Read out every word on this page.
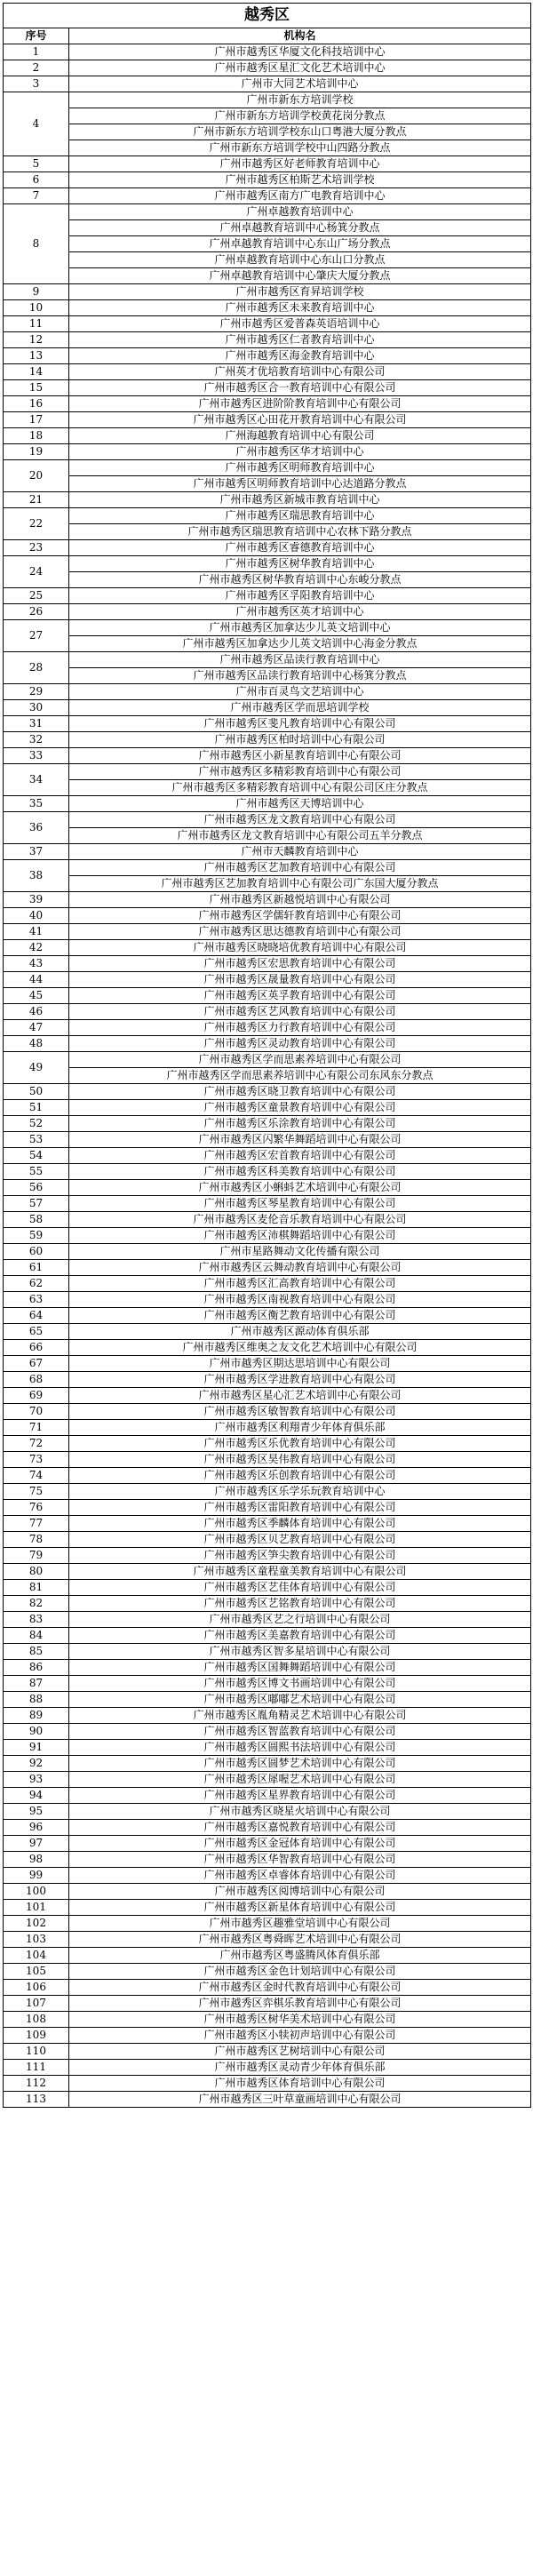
越秀区	
序号	机构名
1	广州市越秀区华厦文化科技培训中心
2	广州市越秀区星汇文化艺术培训中心
3	广州市大同艺术培训中心
4	广州市新东方培训学校
	广州市新东方培训学校黄花岗分教点
	广州市新东方培训学校东山口粤港大厦分教点
	广州市新东方培训学校中山四路分教点
5	广州市越秀区好老师教育培训中心
6	广州市越秀区柏斯艺术培训学校
7	广州市越秀区南方广电教育培训中心
8	广州卓越教育培训中心
	广州卓越教育培训中心杨箕分教点
	广州卓越教育培训中心东山广场分教点
	广州卓越教育培训中心东山口分教点
	广州卓越教育培训中心肇庆大厦分教点
9	广州市越秀区育昇培训学校
10	广州市越秀区未来教育培训中心
11	广州市越秀区爱普森英语培训中心
12	广州市越秀区仁者教育培训中心
13	广州市越秀区海金教育培训中心
14	广州英才优培教育培训中心有限公司
15	广州市越秀区合一教育培训中心有限公司
16	广州市越秀区进阶阶教育培训中心有限公司
17	广州市越秀区心田花开教育培训中心有限公司
18	广州海越教育培训中心有限公司
19	广州市越秀区华才培训中心
20	广州市越秀区明师教育培训中心
	广州市越秀区明师教育培训中心达道路分教点
21	广州市越秀区新城市教育培训中心
22	广州市越秀区瑞思教育培训中心
	广州市越秀区瑞思教育培训中心农林下路分教点
23	广州市越秀区睿德教育培训中心
24	广州市越秀区树华教育培训中心
	广州市越秀区树华教育培训中心东峻分教点
25	广州市越秀区孚阳教育培训中心
26	广州市越秀区英才培训中心
27	广州市越秀区加拿达少儿英文培训中心
	广州市越秀区加拿达少儿英文培训中心海金分教点
28	广州市越秀区品读行教育培训中心
	广州市越秀区品读行教育培训中心杨箕分教点
29	广州市百灵鸟文艺培训中心
30	广州市越秀区学而思培训学校
31	广州市越秀区斐凡教育培训中心有限公司
32	广州市越秀区柏时培训中心有限公司
33	广州市越秀区小新星教育培训中心有限公司
34	广州市越秀区多精彩教育培训中心有限公司
	广州市越秀区多精彩教育培训中心有限公司区庄分教点
35	广州市越秀区天博培训中心
36	广州市越秀区龙文教育培训中心有限公司
	广州市越秀区龙文教育培训中心有限公司五羊分教点
37	广州市天麟教育培训中心
38	广州市越秀区艺加教育培训中心有限公司
	广州市越秀区艺加教育培训中心有限公司广东国大厦分教点
39	广州市越秀区新越悦培训中心有限公司
40	广州市越秀区学儒轩教育培训中心有限公司
41	广州市越秀区思达德教育培训中心有限公司
42	广州市越秀区晓晓培优教育培训中心有限公司
43	广州市越秀区宏思教育培训中心有限公司
44	广州市越秀区晟量教育培训中心有限公司
45	广州市越秀区英孚教育培训中心有限公司
46	广州市越秀区艺风教育培训中心有限公司
47	广州市越秀区力行教育培训中心有限公司
48	广州市越秀区灵动教育培训中心有限公司
49	广州市越秀区学而思素养培训中心有限公司
	广州市越秀区学而思素养培训中心有限公司东风东分教点
50	广州市越秀区晓卫教育培训中心有限公司
51	广州市越秀区童景教育培训中心有限公司
52	广州市越秀区乐涂教育培训中心有限公司
53	广州市越秀区闪繁华舞蹈培训中心有限公司
54	广州市越秀区宏首教育培训中心有限公司
55	广州市越秀区科美教育培训中心有限公司
56	广州市越秀区小蝌蚪艺术培训中心有限公司
57	广州市越秀区琴星教育培训中心有限公司
58	广州市越秀区麦伦音乐教育培训中心有限公司
59	广州市越秀区沛棋舞蹈培训中心有限公司
60	广州市星路舞动文化传播有限公司
61	广州市越秀区云舞动教育培训中心有限公司
62	广州市越秀区汇高教育培训中心有限公司
63	广州市越秀区南视教育培训中心有限公司
64	广州市越秀区衡艺教育培训中心有限公司
65	广州市越秀区源动体育俱乐部
66	广州市越秀区维奥之友文化艺术培训中心有限公司
67	广州市越秀区期达思培训中心有限公司
68	广州市越秀区学进教育培训中心有限公司
69	广州市越秀区星心汇艺术培训中心有限公司
70	广州市越秀区敏智教育培训中心有限公司
71	广州市越秀区利翔青少年体育俱乐部
72	广州市越秀区乐优教育培训中心有限公司
73	广州市越秀区昊伟教育培训中心有限公司
74	广州市越秀区乐创教育培训中心有限公司
75	广州市越秀区乐学乐玩教育培训中心
76	广州市越秀区雷阳教育培训中心有限公司
77	广州市越秀区季麟体育培训中心有限公司
78	广州市越秀区贝艺教育培训中心有限公司
79	广州市越秀区笋尖教育培训中心有限公司
80	广州市越秀区童程童美教育培训中心有限公司
81	广州市越秀区艺佳体育培训中心有限公司
82	广州市越秀区艺铭教育培训中心有限公司
83	广州市越秀区艺之行培训中心有限公司
84	广州市越秀区美嘉教育培训中心有限公司
85	广州市越秀区智多星培训中心有限公司
86	广州市越秀区国舞舞蹈培训中心有限公司
87	广州市越秀区博文书画培训中心有限公司
88	广州市越秀区嘟嘟艺术培训中心有限公司
89	广州市越秀区胤角精灵艺术培训中心有限公司
90	广州市越秀区智蓝教育培训中心有限公司
91	广州市越秀区圆熙书法培训中心有限公司
92	广州市越秀区圆梦艺术培训中心有限公司
93	广州市越秀区犀喔艺术培训中心有限公司
94	广州市越秀区星界教育培训中心有限公司
95	广州市越秀区晓星火培训中心有限公司
96	广州市越秀区嘉悦教育培训中心有限公司
97	广州市越秀区金冠体育培训中心有限公司
98	广州市越秀区华智教育培训中心有限公司
99	广州市越秀区卓睿体育培训中心有限公司
100	广州市越秀区阅博培训中心有限公司
101	广州市越秀区新星体育培训中心有限公司
102	广州市越秀区趣雅堂培训中心有限公司
103	广州市越秀区粤舜晖艺术培训中心有限公司
104	广州市越秀区粤盛腾风体育俱乐部
105	广州市越秀区金色计划培训中心有限公司
106	广州市越秀区金时代教育培训中心有限公司
107	广州市越秀区弈棋乐教育培训中心有限公司
108	广州市越秀区树华美术培训中心有限公司
109	广州市越秀区小犊初声培训中心有限公司
110	广州市越秀区艺树培训中心有限公司
111	广州市越秀区灵动青少年体育俱乐部
112	广州市越秀区体育培训中心有限公司
113	广州市越秀区三叶草童画培训中心有限公司
